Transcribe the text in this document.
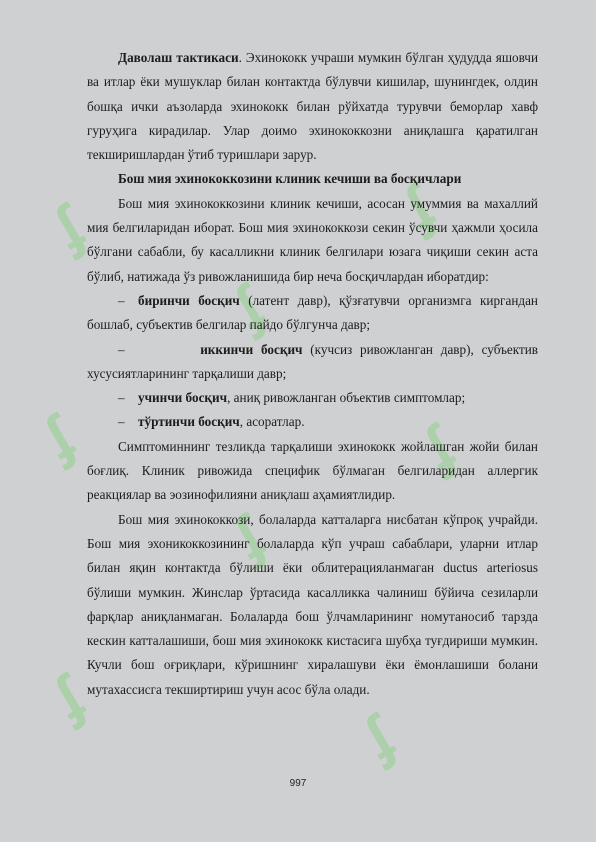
ʄ
ʄ
ʄ
ʄ
ʄ
ʄ
ʄ
ʄ

Даволаш тактикаси. Эхинококк учраши мумкин бўлган ҳудудда яшовчи ва итлар ёки мушуклар билан контактда бўлувчи кишилар, шунингдек, олдин бошқа ички аъзоларда эхинококк билан рўйхатда турувчи беморлар хавф гуруҳига кирадилар. Улар доимо эхинококкозни аниқлашга қаратилган текширишлардан ўтиб туришлари зарур.

Бош мия эхинококкозини клиник кечиши ва босқичлари

Бош мия эхинококкозини клиник кечиши, асосан умуммия ва махаллий мия белгиларидан иборат. Бош мия эхинококкози секин ўсувчи ҳажмли ҳосила бўлгани сабабли, бу касалликни клиник белгилари юзага чиқиши секин аста бўлиб, натижада ўз ривожланишида бир неча босқичлардан иборатдир:

– биринчи босқич (латент давр), қўзғатувчи организмга киргандан бошлаб, субъектив белгилар пайдо бўлгунча давр;

–	иккинчи босқич (кучсиз ривожланган давр), субъектив хусусиятларининг тарқалиши давр;

– учинчи босқич, аниқ ривожланган объектив симптомлар;

– тўртинчи босқич, асоратлар.

Симптоминнинг тезликда тарқалиши эхинококк жойлашган жойи билан боғлиқ. Клиник ривожида специфик бўлмаган белгиларидан аллергик реакциялар ва эозинофилияни аниқлаш аҳамиятлидир.

Бош мия эхинококкози, болаларда катталарга нисбатан кўпроқ учрайди. Бош мия эхоникоккозининг болаларда кўп учраш сабаблари, уларни итлар билан яқин контактда бўлиши ёки облитерацияланмаган ductus arteriosus бўлиши мумкин. Жинслар ўртасида касалликка чалиниш бўйича сезиларли фарқлар аниқланмаган. Болаларда бош ўлчамларининг номутаносиб тарзда кескин катталашиши, бош мия эхинококк кистасига шубҳа туғдириши мумкин. Кучли бош оғриқлари, кўришнинг хиралашуви ёки ёмонлашиши болани мутахассисга текширтириш учун асос бўла олади.

997
